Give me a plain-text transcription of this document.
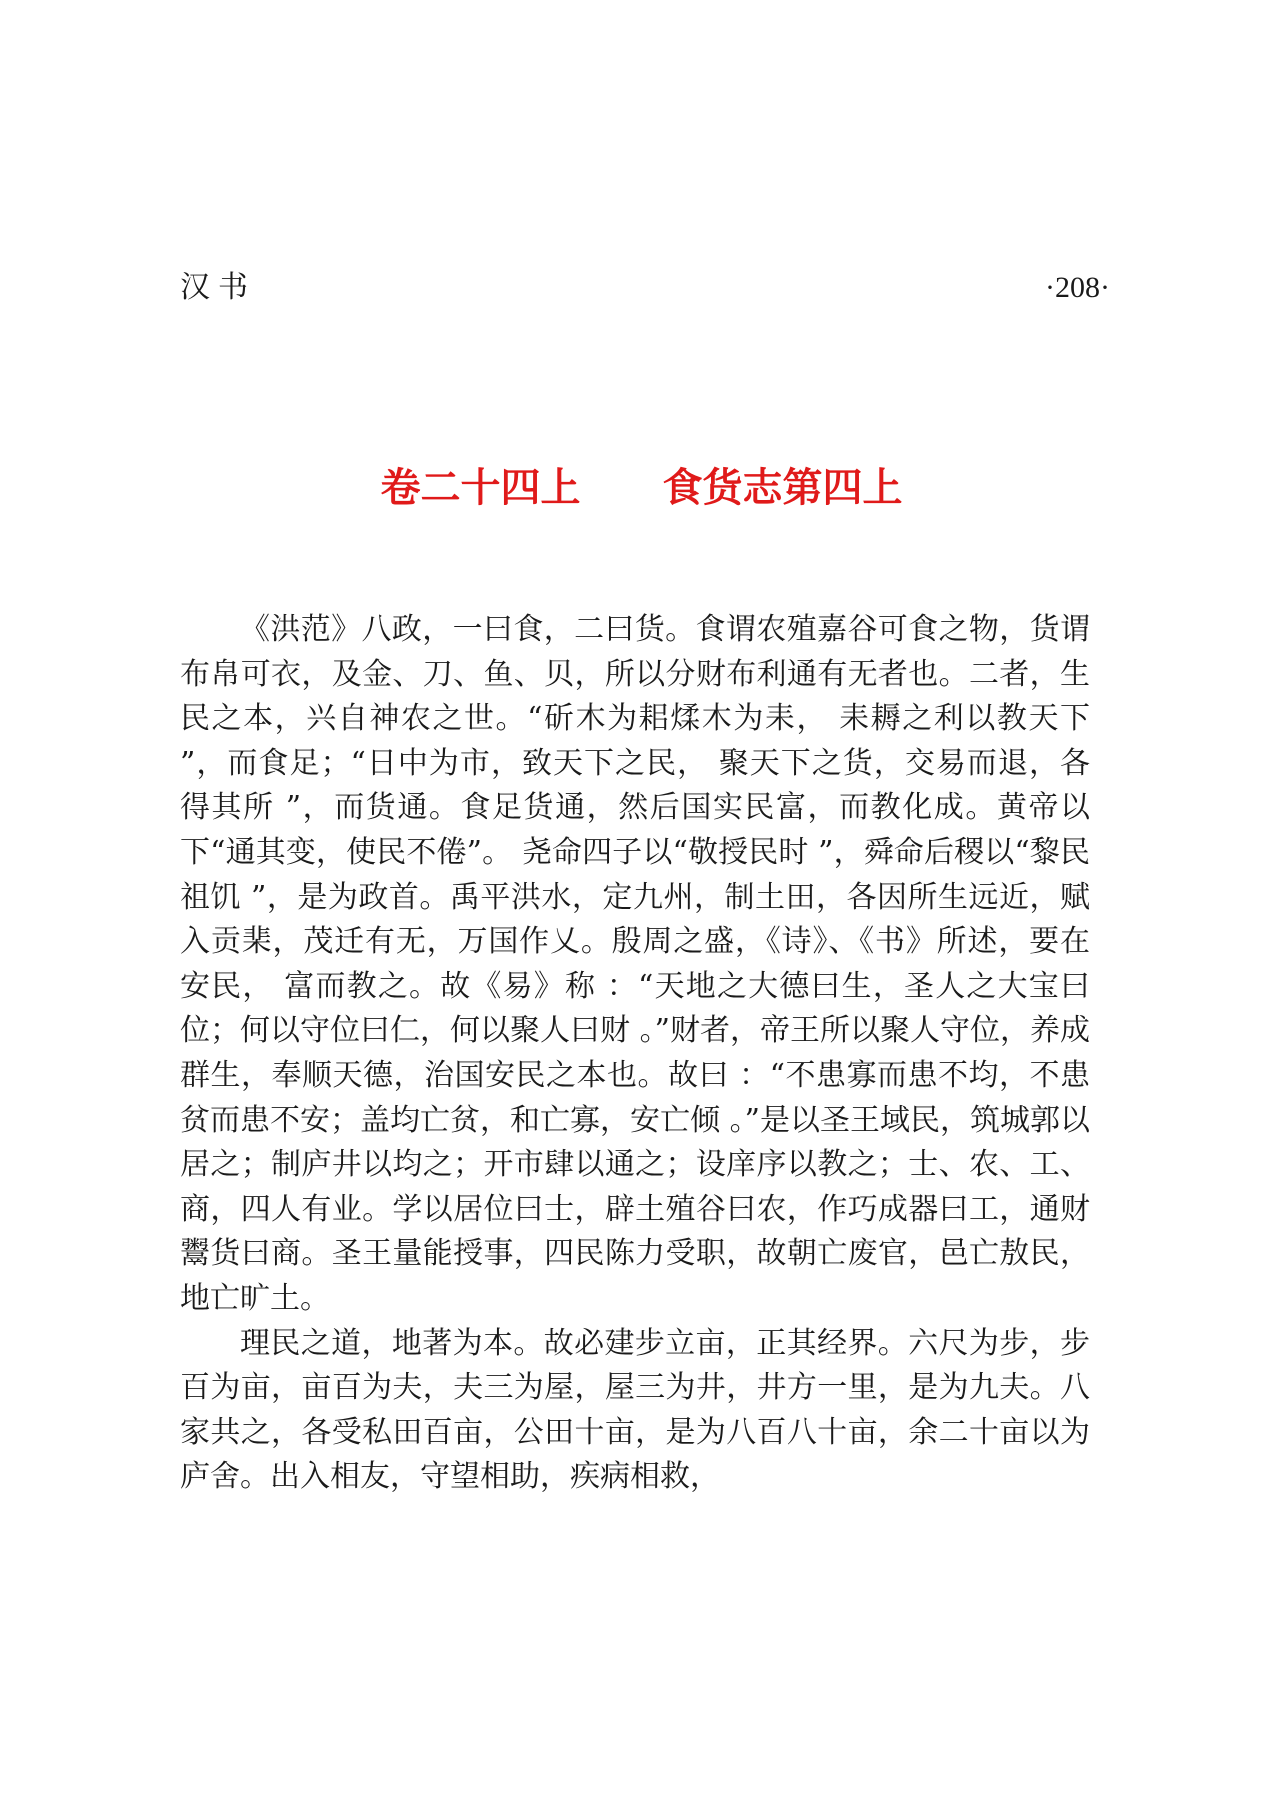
汉书	·208·
卷二十四上 食货志第四上

《洪范》八政，一曰食，二曰货。食谓农殖嘉谷可食之物，货谓布帛可衣，及金、刀、鱼、贝，所以分财布利通有无者也。二者，生民之本，兴自神农之世。“斫木为耜煣木为耒， 耒耨之利以教天下 ”，而食足；“日中为市，致天下之民， 聚天下之货，交易而退，各得其所 ”，而货通。食足货通，然后国实民富，而教化成。黄帝以下“通其变，使民不倦”。 尧命四子以“敬授民时 ”，舜命后稷以“黎民祖饥 ”，是为政首。禹平洪水，定九州，制土田，各因所生远近，赋入贡棐，茂迁有无，万国作乂。殷周之盛，《诗》、《书》所述，要在安民， 富而教之。故《易》称 ：“天地之大德曰生，圣人之大宝曰位；何以守位曰仁，何以聚人曰财 。”财者，帝王所以聚人守位，养成群生，奉顺天德，治国安民之本也。故曰 ：“不患寡而患不均，不患贫而患不安；盖均亡贫，和亡寡，安亡倾 。”是以圣王域民，筑城郭以居之；制庐井以均之；开市肆以通之；设庠序以教之；士、农、工、商，四人有业。学以居位曰士，辟土殖谷曰农，作巧成器曰工，通财鬻货曰商。圣王量能授事，四民陈力受职，故朝亡废官，邑亡敖民，地亡旷土。

理民之道，地著为本。故必建步立亩，正其经界。六尺为步，步百为亩，亩百为夫，夫三为屋，屋三为井，井方一里，是为九夫。八家共之，各受私田百亩，公田十亩，是为八百八十亩，余二十亩以为庐舍。出入相友，守望相助，疾病相救，
